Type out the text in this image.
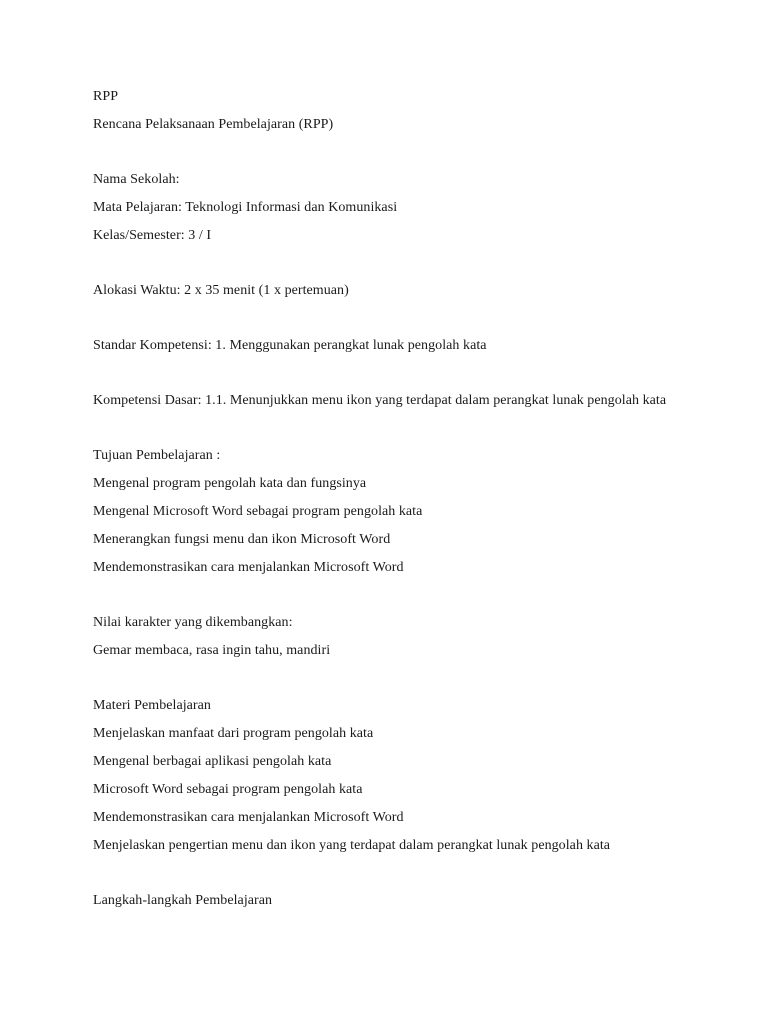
RPP

Rencana Pelaksanaan Pembelajaran (RPP)

Nama Sekolah:

Mata Pelajaran: Teknologi Informasi dan Komunikasi

Kelas/Semester: 3 / I

Alokasi Waktu: 2 x 35 menit (1 x pertemuan)

Standar Kompetensi: 1. Menggunakan perangkat lunak pengolah kata

Kompetensi Dasar: 1.1. Menunjukkan menu ikon yang terdapat dalam perangkat lunak pengolah kata

Tujuan Pembelajaran :

Mengenal program pengolah kata dan fungsinya

Mengenal Microsoft Word sebagai program pengolah kata

Menerangkan fungsi menu dan ikon Microsoft Word

Mendemonstrasikan cara menjalankan Microsoft Word

Nilai karakter yang dikembangkan:

Gemar membaca, rasa ingin tahu, mandiri

Materi Pembelajaran

Menjelaskan manfaat dari program pengolah kata

Mengenal berbagai aplikasi pengolah kata

Microsoft Word sebagai program pengolah kata

Mendemonstrasikan cara menjalankan Microsoft Word

Menjelaskan pengertian menu dan ikon yang terdapat dalam perangkat lunak pengolah kata

Langkah-langkah Pembelajaran
